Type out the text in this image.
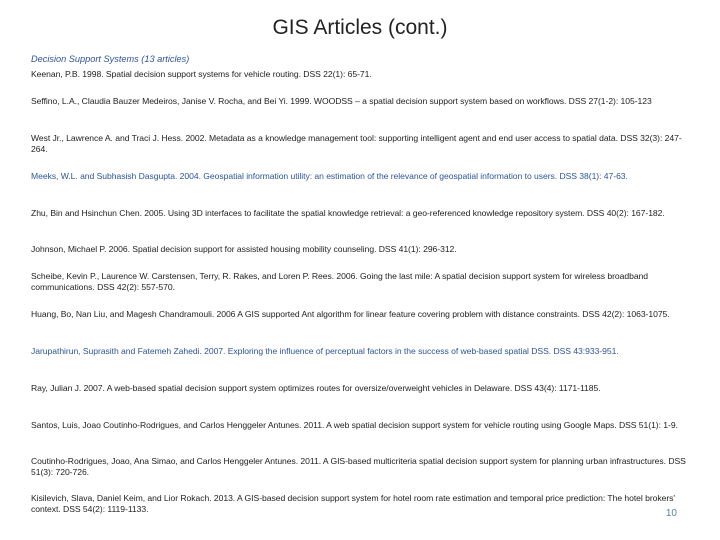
GIS Articles (cont.)
Decision Support Systems (13 articles)
Keenan, P.B. 1998. Spatial decision support systems for vehicle routing. DSS 22(1): 65-71.
Seffino, L.A., Claudia Bauzer Medeiros, Janise V. Rocha, and Bei Yi. 1999. WOODSS – a spatial decision support system based on workflows. DSS 27(1-2): 105-123
West Jr., Lawrence A. and Traci J. Hess. 2002. Metadata as a knowledge management tool: supporting intelligent agent and end user access to spatial data. DSS 32(3): 247-264.
Meeks, W.L. and Subhasish Dasgupta. 2004. Geospatial information utility: an estimation of the relevance of geospatial information to users. DSS 38(1): 47-63.
Zhu, Bin and Hsinchun Chen. 2005. Using 3D interfaces to facilitate the spatial knowledge retrieval: a geo-referenced knowledge repository system. DSS 40(2): 167-182.
Johnson, Michael P. 2006. Spatial decision support for assisted housing mobility counseling. DSS 41(1): 296-312.
Scheibe, Kevin P., Laurence W. Carstensen, Terry, R. Rakes, and Loren P. Rees. 2006. Going the last mile: A spatial decision support system for wireless broadband communications. DSS 42(2): 557-570.
Huang, Bo, Nan Liu, and Magesh Chandramouli. 2006 A GIS supported Ant algorithm for linear feature covering problem with distance constraints. DSS 42(2): 1063-1075.
Jarupathirun, Suprasith and Fatemeh Zahedi. 2007. Exploring the influence of perceptual factors in the success of web-based spatial DSS. DSS 43:933-951.
Ray, Julian J. 2007. A web-based spatial decision support system optimizes routes for oversize/overweight vehicles in Delaware. DSS 43(4): 1171-1185.
Santos, Luis, Joao Coutinho-Rodrigues, and Carlos Henggeler Antunes. 2011. A web spatial decision support system for vehicle routing using Google Maps. DSS 51(1): 1-9.
Coutinho-Rodrigues, Joao, Ana Simao, and Carlos Henggeler Antunes. 2011. A GIS-based multicriteria spatial decision support system for planning urban infrastructures. DSS 51(3): 720-726.
Kisilevich, Slava, Daniel Keim, and Lior Rokach. 2013. A GIS-based decision support system for hotel room rate estimation and temporal price prediction: The hotel brokers' context. DSS 54(2): 1119-1133.	10
